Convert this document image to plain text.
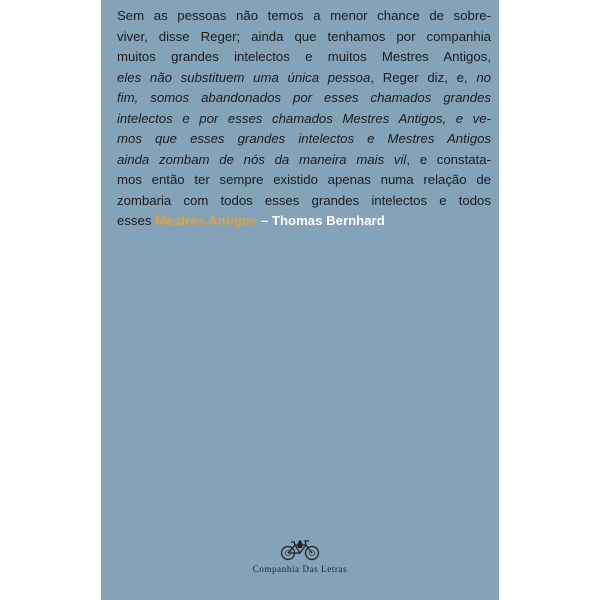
Sem as pessoas não temos a menor chance de sobre-
viver, disse Reger; ainda que tenhamos por companhia
muitos grandes intelectos e muitos Mestres Antigos,
eles não substituem uma única pessoa, Reger diz, e, no
fim, somos abandonados por esses chamados grandes
intelectos e por esses chamados Mestres Antigos, e ve-
mos que esses grandes intelectos e Mestres Antigos
ainda zombam de nós da maneira mais vil, e constata-
mos então ter sempre existido apenas numa relação de
zombaria com todos esses grandes intelectos e todos
esses Mestres Antigos – Thomas Bernhard
Companhia Das Letras
